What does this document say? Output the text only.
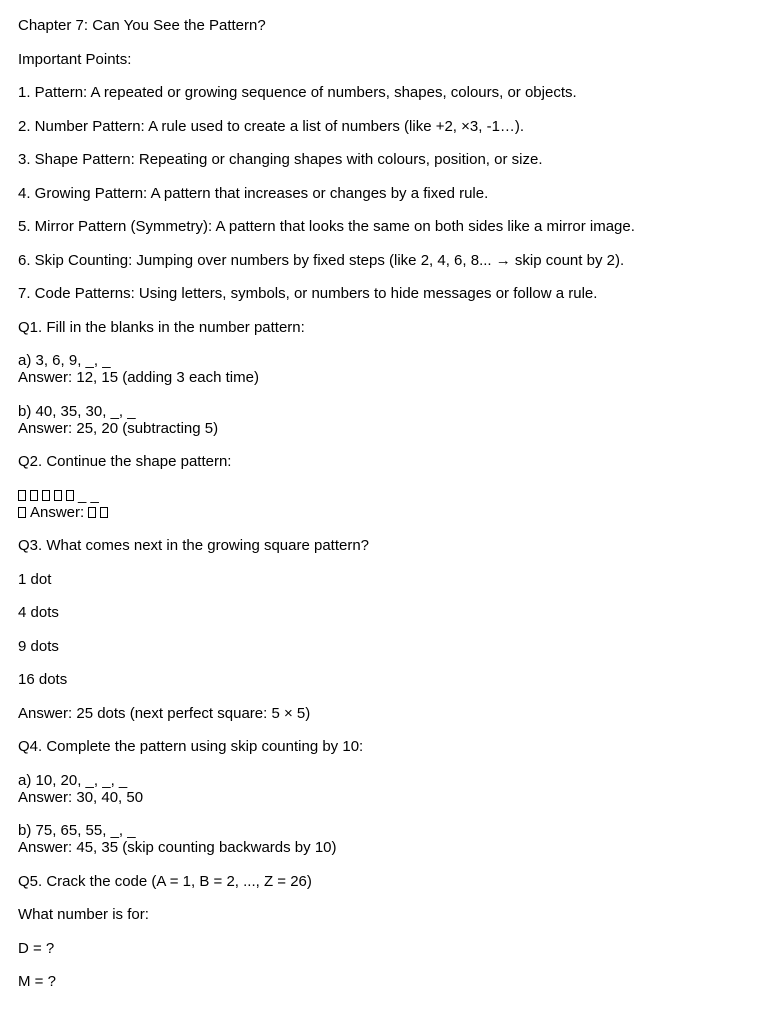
Chapter 7: Can You See the Pattern?
Important Points:
1. Pattern: A repeated or growing sequence of numbers, shapes, colours, or objects.
2. Number Pattern: A rule used to create a list of numbers (like +2, ×3, -1…).
3. Shape Pattern: Repeating or changing shapes with colours, position, or size.
4. Growing Pattern: A pattern that increases or changes by a fixed rule.
5. Mirror Pattern (Symmetry): A pattern that looks the same on both sides like a mirror image.
6. Skip Counting: Jumping over numbers by fixed steps (like 2, 4, 6, 8... → skip count by 2).
7. Code Patterns: Using letters, symbols, or numbers to hide messages or follow a rule.
Q1. Fill in the blanks in the number pattern:
a) 3, 6, 9, _, _
Answer: 12, 15 (adding 3 each time)
b) 40, 35, 30, _, _
Answer: 25, 20 (subtracting 5)
Q2. Continue the shape pattern:
_ _
Answer:
Q3. What comes next in the growing square pattern?
1 dot
4 dots
9 dots
16 dots
Answer: 25 dots (next perfect square: 5 × 5)
Q4. Complete the pattern using skip counting by 10:
a) 10, 20, _, _, _
Answer: 30, 40, 50
b) 75, 65, 55, _, _
Answer: 45, 35 (skip counting backwards by 10)
Q5. Crack the code (A = 1, B = 2, ..., Z = 26)
What number is for:
D = ?
M = ?
